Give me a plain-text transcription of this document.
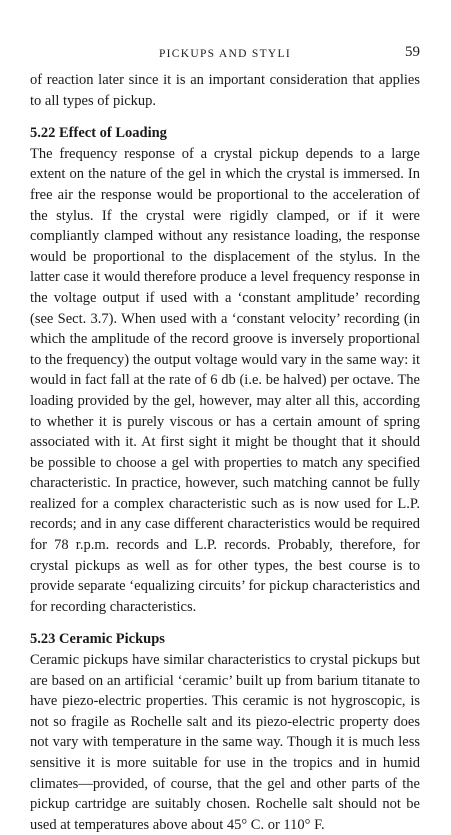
PICKUPS AND STYLI	59

of reaction later since it is an important consideration that applies to all types of pickup.

5.22 Effect of Loading

The frequency response of a crystal pickup depends to a large extent on the nature of the gel in which the crystal is immersed. In free air the response would be proportional to the acceleration of the stylus. If the crystal were rigidly clamped, or if it were compliantly clamped without any resistance loading, the response would be proportional to the displacement of the stylus. In the latter case it would therefore produce a level frequency response in the voltage output if used with a ‘constant amplitude’ recording (see Sect. 3.7). When used with a ‘constant velocity’ recording (in which the amplitude of the record groove is inversely proportional to the frequency) the output voltage would vary in the same way: it would in fact fall at the rate of 6 db (i.e. be halved) per octave. The loading provided by the gel, however, may alter all this, according to whether it is purely viscous or has a certain amount of spring associated with it. At first sight it might be thought that it should be possible to choose a gel with properties to match any specified characteristic. In practice, however, such matching cannot be fully realized for a complex characteristic such as is now used for L.P. records; and in any case different characteristics would be required for 78 r.p.m. records and L.P. records. Probably, therefore, for crystal pickups as well as for other types, the best course is to provide separate ‘equalizing circuits’ for pickup characteristics and for recording characteristics.

5.23 Ceramic Pickups

Ceramic pickups have similar characteristics to crystal pickups but are based on an artificial ‘ceramic’ built up from barium titanate to have piezo-electric properties. This ceramic is not hygroscopic, is not so fragile as Rochelle salt and its piezo-electric property does not vary with temperature in the same way. Though it is much less sensitive it is more suitable for use in the tropics and in humid climates—provided, of course, that the gel and other parts of the pickup cartridge are suitably chosen. Rochelle salt should not be used at temperatures above about 45° C. or 110° F.
